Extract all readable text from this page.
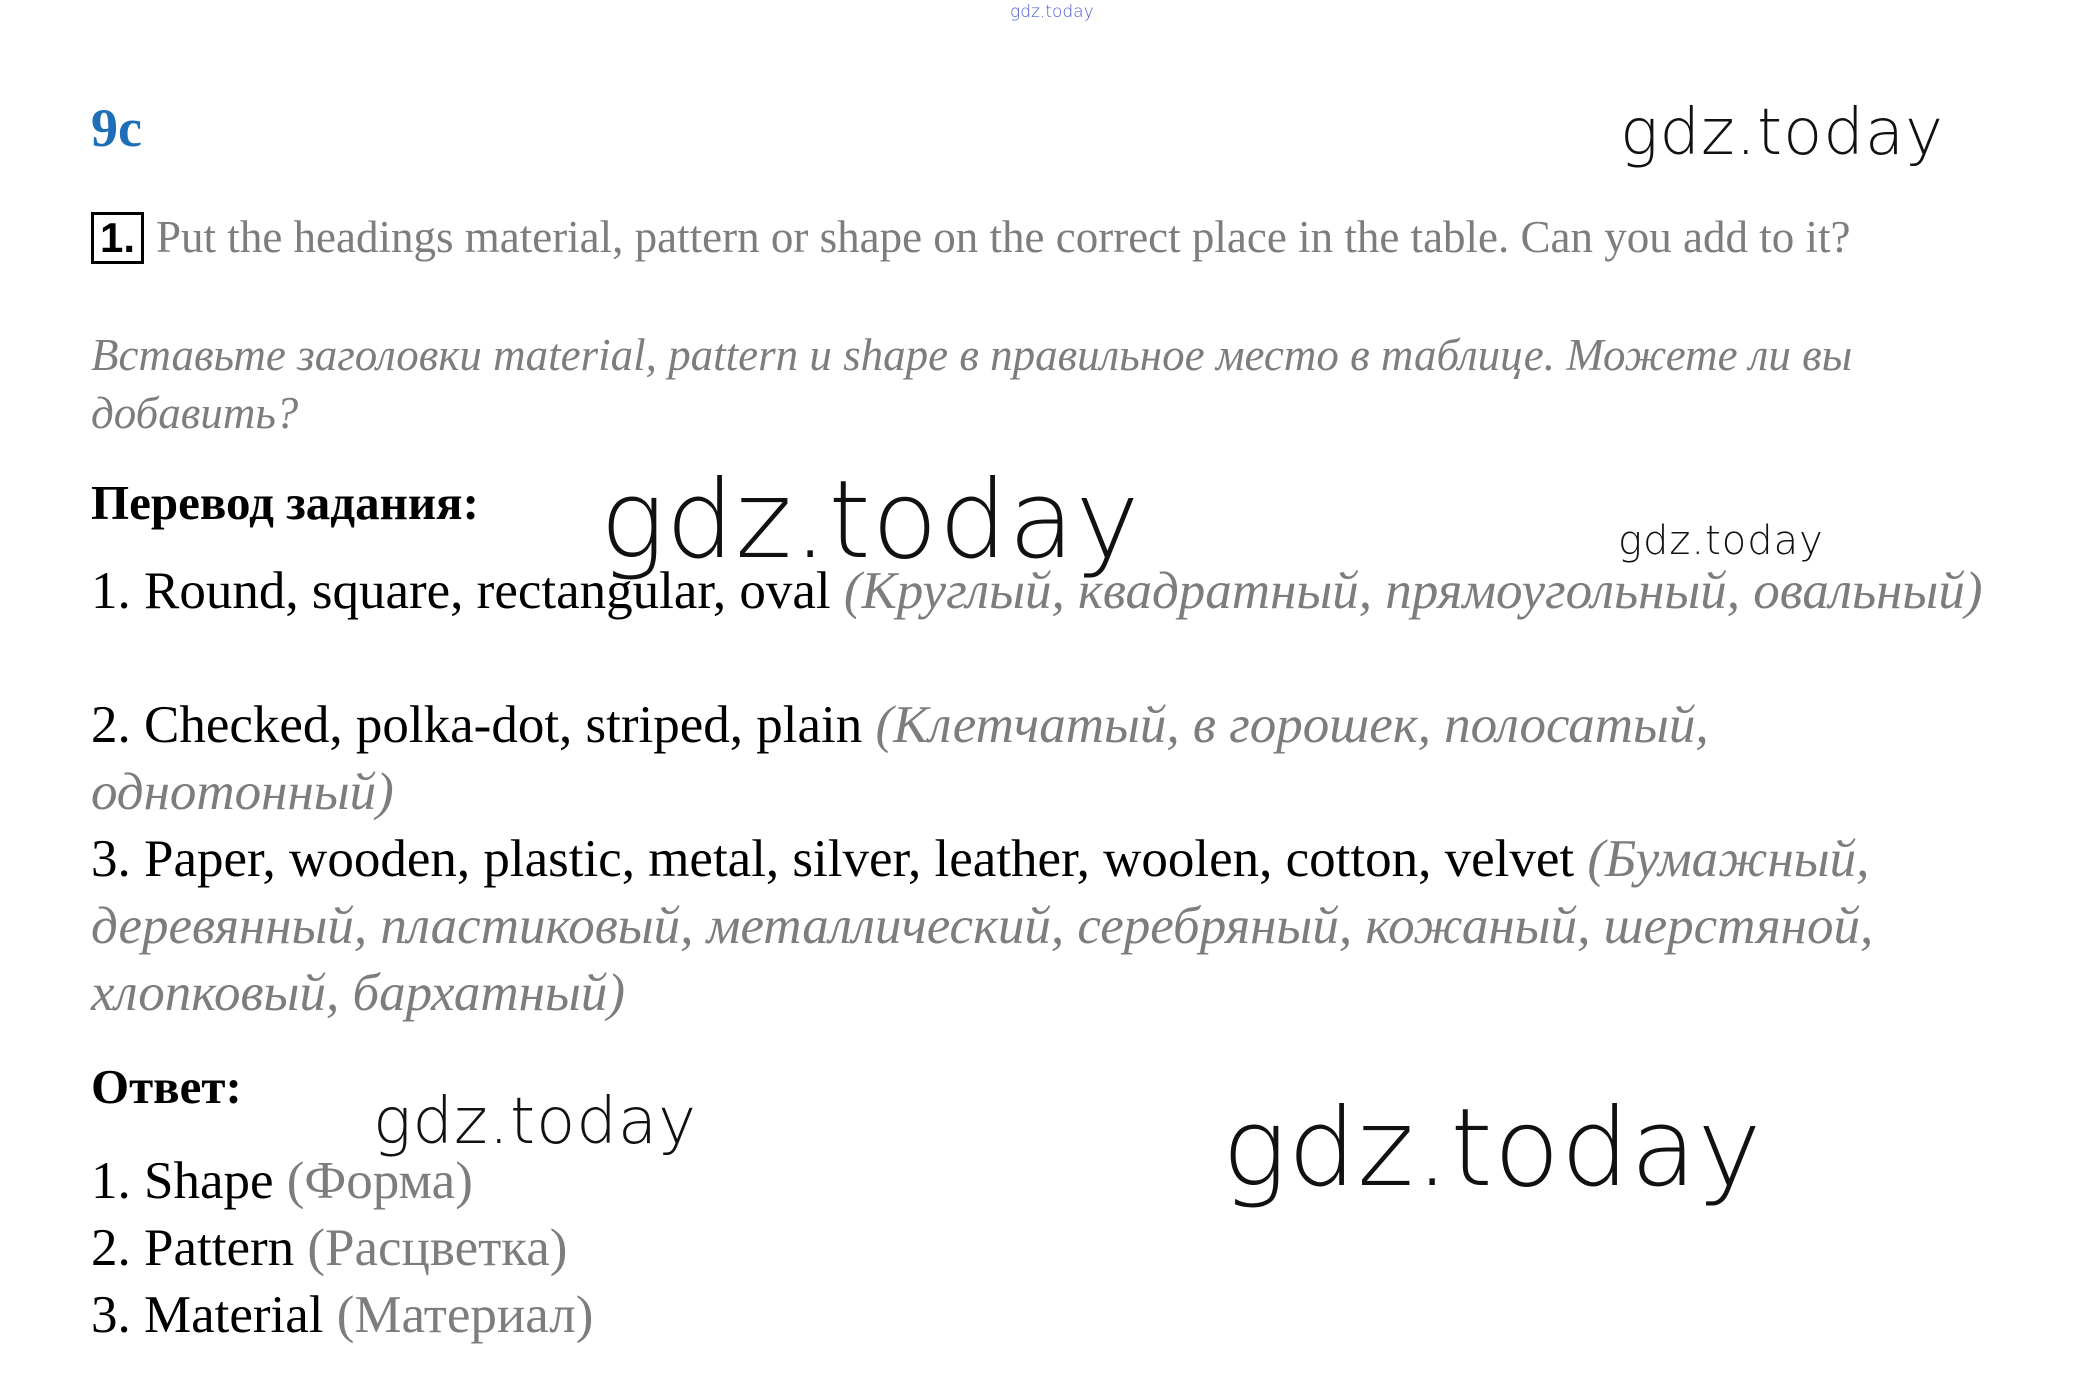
gdz.today
gdz.today
9c
1. Put the headings material, pattern or shape on the correct place in the table. Can you add to it?
Вставьте заголовки material, pattern и shape в правильное место в таблице. Можете ли вы добавить?
Перевод задания:
1. Round, square, rectangular, oval (Круглый, квадратный, прямоугольный, овальный)
2. Checked, polka-dot, striped, plain (Клетчатый, в горошек, полосатый, однотонный)
3. Paper, wooden, plastic, metal, silver, leather, woolen, cotton, velvet (Бумажный, деревянный, пластиковый, металлический, серебряный, кожаный, шерстяной, хлопковый, бархатный)
Ответ:
1. Shape (Форма)
2. Pattern (Расцветка)
3. Material (Материал)
gdz.today	gdz.today
gdz.today	gdz.today
